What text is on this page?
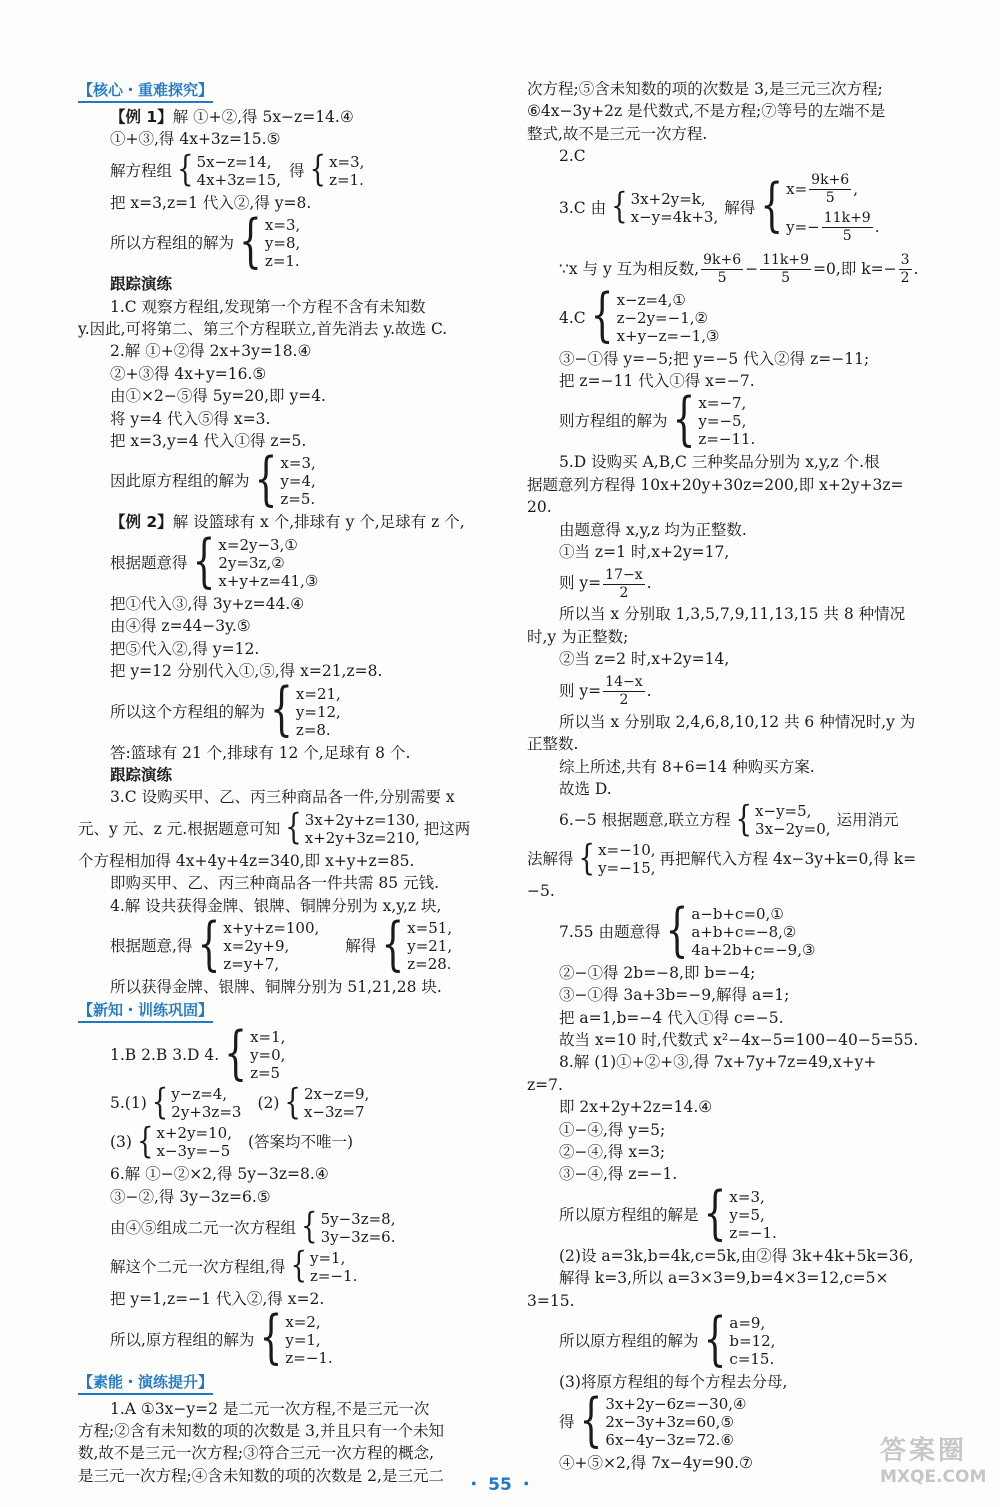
【核心・重难探究】
【例 1】解 ①+②,得 5x−z=14.④
①+③,得 4x+3z=15.⑤
解方程组 { 5x−z=14,
4x+3z=15, 得 { x=3,
z=1.
把 x=3,z=1 代入②,得 y=8.
所以方程组的解为 { x=3,
y=8,
z=1.
跟踪演练
1.C 观察方程组,发现第一个方程不含有未知数
y.因此,可将第二、第三个方程联立,首先消去 y.故选 C.
2.解 ①+②得 2x+3y=18.④
②+③得 4x+y=16.⑤
由①×2−⑤得 5y=20,即 y=4.
将 y=4 代入⑤得 x=3.
把 x=3,y=4 代入①得 z=5.
因此原方程组的解为 { x=3,
y=4,
z=5.
【例 2】解 设篮球有 x 个,排球有 y 个,足球有 z 个,
根据题意得 { x=2y−3,①
2y=3z,②
x+y+z=41,③
把①代入③,得 3y+z=44.④
由④得 z=44−3y.⑤
把⑤代入②,得 y=12.
把 y=12 分别代入①,⑤,得 x=21,z=8.
所以这个方程组的解为 { x=21,
y=12,
z=8.
答:篮球有 21 个,排球有 12 个,足球有 8 个.
跟踪演练
3.C 设购买甲、乙、丙三种商品各一件,分别需要 x
元、y 元、z 元.根据题意可知 { 3x+2y+z=130,
x+2y+3z=210, 把这两
个方程相加得 4x+4y+4z=340,即 x+y+z=85.
即购买甲、乙、丙三种商品各一件共需 85 元钱.
4.解 设共获得金牌、银牌、铜牌分别为 x,y,z 块,
根据题意,得 { x+y+z=100,
x=2y+9,
z=y+7,
解得 { x=51,
y=21,
z=28.
所以获得金牌、银牌、铜牌分别为 51,21,28 块.
【新知・训练巩固】
1.B 2.B 3.D 4. { x=1,
y=0,
z=5
5.(1) { y−z=4,
2y+3z=3 (2) { 2x−z=9,
x−3z=7
(3) { x+2y=10,
x−3y=−5 (答案均不唯一)
6.解 ①−②×2,得 5y−3z=8.④
③−②,得 3y−3z=6.⑤
由④⑤组成二元一次方程组 { 5y−3z=8,
3y−3z=6.
解这个二元一次方程组,得 { y=1,
z=−1.
把 y=1,z=−1 代入②,得 x=2.
所以,原方程组的解为 { x=2,
y=1,
z=−1.
【素能・演练提升】
1.A ①3x−y=2 是二元一次方程,不是三元一次
方程;②含有未知数的项的次数是 3,并且只有一个未知
数,故不是三元一次方程;③符合三元一次方程的概念,
是三元一次方程;④含未知数的项的次数是 2,是三元二
次方程;⑤含未知数的项的次数是 3,是三元三次方程;
⑥4x−3y+2z 是代数式,不是方程;⑦等号的左端不是
整式,故不是三元一次方程.
2.C
3.C 由 { 3x+2y=k,
x−y=4k+3, 解得 { $x= \frac{9k+6}{5}$ ,
$y=- \frac{11k+9}{5}$ .
∵x 与 y 互为相反数, $\frac{9k+6}{5} - \frac{11k+9}{5} =0$,即 $k=- \frac{3}{2}$ .
4.C { x−z=4,①
z−2y=−1,②
x+y−z=−1,③
③−①得 y=−5;把 y=−5 代入②得 z=−11;
把 z=−11 代入①得 x=−7.
则方程组的解为 { x=−7,
y=−5,
z=−11.
5.D 设购买 A,B,C 三种奖品分别为 x,y,z 个.根
据题意列方程得 10x+20y+30z=200,即 x+2y+3z=
20.
由题意得 x,y,z 均为正整数.
①当 z=1 时,x+2y=17,
则 $y= \frac{17-x}{2}$ .
所以当 x 分别取 1,3,5,7,9,11,13,15 共 8 种情况
时,y 为正整数;
②当 z=2 时,x+2y=14,
则 $y= \frac{14-x}{2}$ .
所以当 x 分别取 2,4,6,8,10,12 共 6 种情况时,y 为
正整数.
综上所述,共有 8+6=14 种购买方案.
故选 D.
6.−5 根据题意,联立方程 { x−y=5,
3x−2y=0, 运用消元
法解得 { x=−10,
y=−15, 再把解代入方程 4x−3y+k=0,得 k=
−5.
7.55 由题意得 { a−b+c=0,①
a+b+c=−8,②
4a+2b+c=−9,③
②−①得 2b=−8,即 b=−4;
③−①得 3a+3b=−9,解得 a=1;
把 a=1,b=−4 代入①得 c=−5.
故当 x=10 时,代数式 x²−4x−5=100−40−5=55.
8.解 (1)①+②+③,得 7x+7y+7z=49,x+y+
z=7.
即 2x+2y+2z=14.④
①−④,得 y=5;
②−④,得 x=3;
③−④,得 z=−1.
所以原方程组的解是 { x=3,
y=5,
z=−1.
(2)设 a=3k,b=4k,c=5k,由②得 3k+4k+5k=36,
解得 k=3,所以 a=3×3=9,b=4×3=12,c=5×
3=15.
所以原方程组的解为 { a=9,
b=12,
c=15.
(3)将原方程组的每个方程去分母,
得 { 3x+2y−6z=−30,④
2x−3y+3z=60,⑤
6x−4y−3z=72.⑥
④+⑤×2,得 7x−4y=90.⑦
・ 55 ・
答案圈
MXQE.COM
